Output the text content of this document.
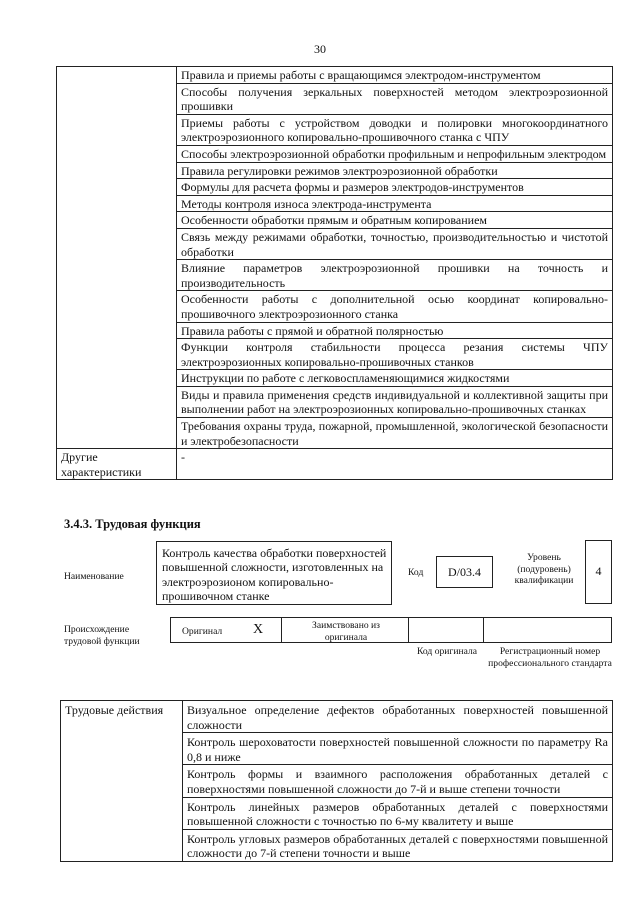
30
	Правила и приемы работы с вращающимся электродом-инструментом
	Способы получения зеркальных поверхностей методом электроэрозионной прошивки
	Приемы работы с устройством доводки и полировки многокоординатного электроэрозионного копировально-прошивочного станка с ЧПУ
	Способы электроэрозионной обработки профильным и непрофильным электродом
	Правила регулировки режимов электроэрозионной обработки
	Формулы для расчета формы и размеров электродов-инструментов
	Методы контроля износа электрода-инструмента
	Особенности обработки прямым и обратным копированием
	Связь между режимами обработки, точностью, производительностью и чистотой обработки
	Влияние параметров электроэрозионной прошивки на точность и производительность
	Особенности работы с дополнительной осью координат копировально-прошивочного электроэрозионного станка
	Правила работы с прямой и обратной полярностью
	Функции контроля стабильности процесса резания системы ЧПУ электроэрозионных копировально-прошивочных станков
	Инструкции по работе с легковоспламеняющимися жидкостями
	Виды и правила применения средств индивидуальной и коллективной защиты при выполнении работ на электроэрозионных копировально-прошивочных станках
	Требования охраны труда, пожарной, промышленной, экологической безопасности и электробезопасности
Другие характеристики	-
3.4.3. Трудовая функция
Наименование
Контроль качества обработки поверхностей повышенной сложности, изготовленных на электроэрозионом копировально-прошивочном станке
Код	D/03.4
Уровень (подуровень) квалификации
4
Происхождение трудовой функции
Оригинал X	Заимствовано из оригинала
Код оригинала	Регистрационный номер профессионального стандарта
Трудовые действия	Визуальное определение дефектов обработанных поверхностей повышенной сложности
Контроль шероховатости поверхностей повышенной сложности по параметру Ra 0,8 и ниже
Контроль формы и взаимного расположения обработанных деталей с поверхностями повышенной сложности до 7-й и выше степени точности
Контроль линейных размеров обработанных деталей с поверхностями повышенной сложности с точностью по 6-му квалитету и выше
Контроль угловых размеров обработанных деталей с поверхностями повышенной сложности до 7-й степени точности и выше
